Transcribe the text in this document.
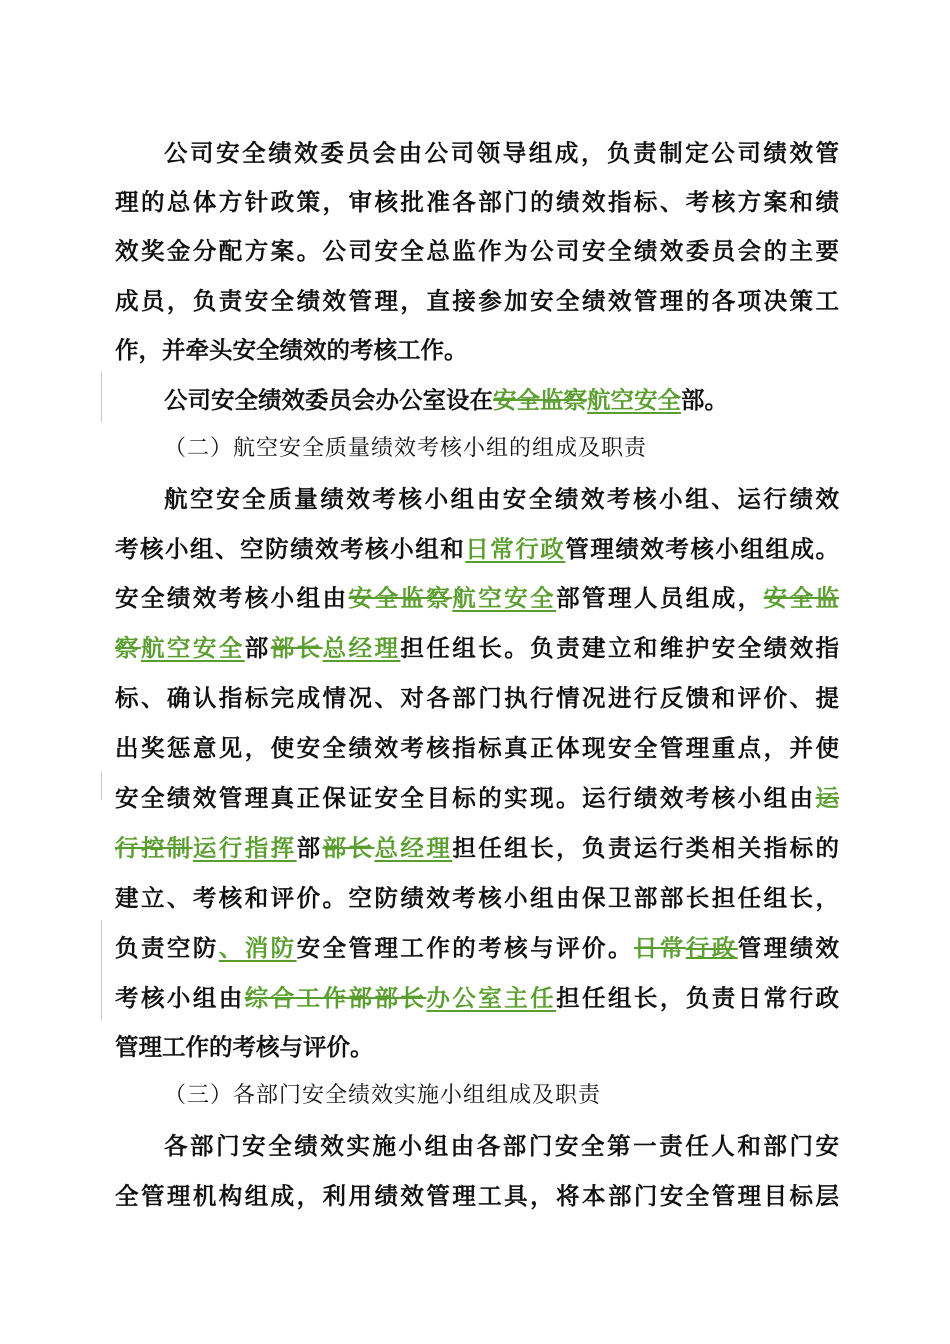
公司安全绩效委员会由公司领导组成，负责制定公司绩效管
理的总体方针政策，审核批准各部门的绩效指标、考核方案和绩
效奖金分配方案。公司安全总监作为公司安全绩效委员会的主要
成员，负责安全绩效管理，直接参加安全绩效管理的各项决策工
作，并牵头安全绩效的考核工作。
公司安全绩效委员会办公室设在安全监察航空安全部。
（二）航空安全质量绩效考核小组的组成及职责
航空安全质量绩效考核小组由安全绩效考核小组、运行绩效
考核小组、空防绩效考核小组和日常行政管理绩效考核小组组成。
安全绩效考核小组由安全监察航空安全部管理人员组成，安全监
察航空安全部部长总经理担任组长。负责建立和维护安全绩效指
标、确认指标完成情况、对各部门执行情况进行反馈和评价、提
出奖惩意见，使安全绩效考核指标真正体现安全管理重点，并使
安全绩效管理真正保证安全目标的实现。运行绩效考核小组由运
行控制运行指挥部部长总经理担任组长，负责运行类相关指标的
建立、考核和评价。空防绩效考核小组由保卫部部长担任组长，
负责空防、消防安全管理工作的考核与评价。日常行政管理绩效
考核小组由综合工作部部长办公室主任担任组长，负责日常行政
管理工作的考核与评价。
（三）各部门安全绩效实施小组组成及职责
各部门安全绩效实施小组由各部门安全第一责任人和部门安
全管理机构组成，利用绩效管理工具，将本部门安全管理目标层
